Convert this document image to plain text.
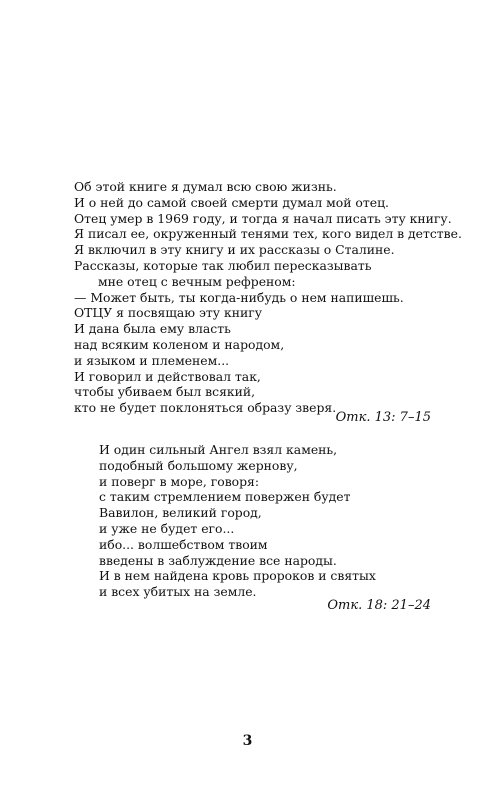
Об этой книге я думал всю свою жизнь.
И о ней до самой своей смерти думал мой отец.
Отец умер в 1969 году, и тогда я начал писать эту книгу.
Я писал ее, окруженный тенями тех, кого видел в детстве.
Я включил в эту книгу и их рассказы о Сталине.
Рассказы, которые так любил пересказывать
мне отец с вечным рефреном:
— Может быть, ты когда-нибудь о нем напишешь.
ОТЦУ я посвящаю эту книгу
И дана была ему власть
над всяким коленом и народом,
и языком и племенем...
И говорил и действовал так,
чтобы убиваем был всякий,
кто не будет поклоняться образу зверя.
Отк. 13: 7–15
И один сильный Ангел взял камень,
подобный большому жернову,
и поверг в море, говоря:
с таким стремлением повержен будет
Вавилон, великий город,
и уже не будет его...
ибо... волшебством твоим
введены в заблуждение все народы.
И в нем найдена кровь пророков и святых
и всех убитых на земле.
Отк. 18: 21–24
3
